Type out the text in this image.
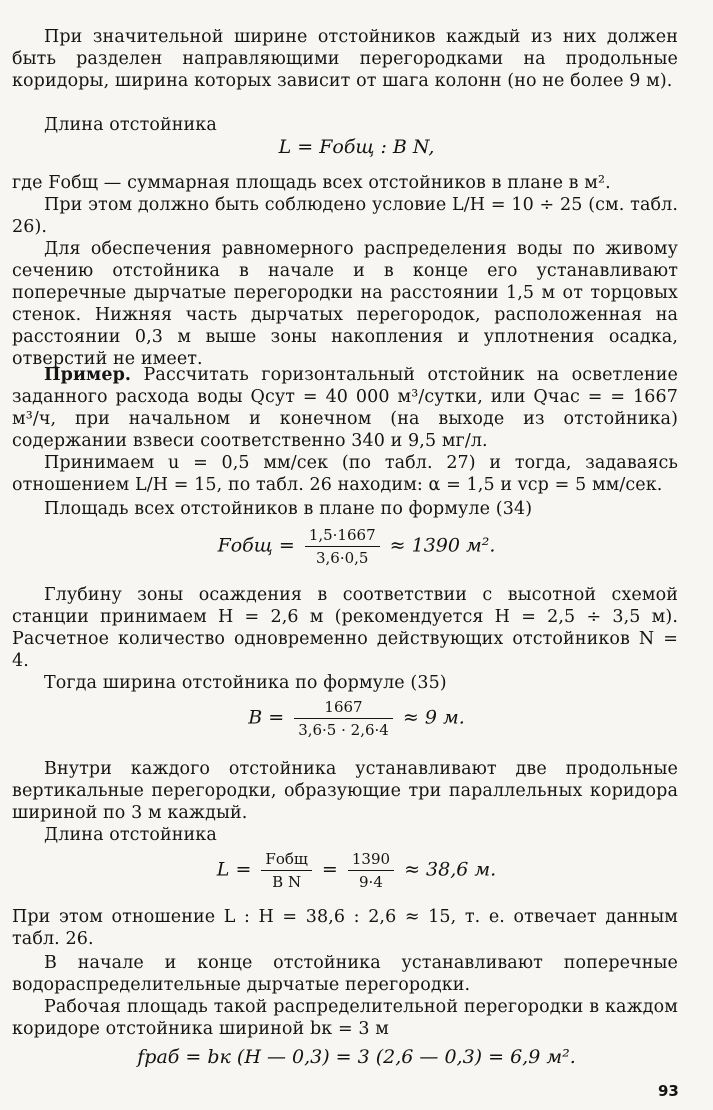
При значительной ширине отстойников каждый из них должен быть разделен направляющими перегородками на продольные коридоры, ширина которых зависит от шага колонн (но не более 9 м).
Длина отстойника
L = Fобщ : B N,
где Fобщ — суммарная площадь всех отстойников в плане в м².
При этом должно быть соблюдено условие L/H = 10 ÷ 25 (см. табл. 26).
Для обеспечения равномерного распределения воды по живому сечению отстойника в начале и в конце его устанавливают поперечные дырчатые перегородки на расстоянии 1,5 м от торцовых стенок. Нижняя часть дырчатых перегородок, расположенная на расстоянии 0,3 м выше зоны накопления и уплотнения осадка, отверстий не имеет.
Пример. Рассчитать горизонтальный отстойник на осветление заданного расхода воды Qсут = 40 000 м³/сутки, или Qчас = = 1667 м³/ч, при начальном и конечном (на выходе из отстойника) содержании взвеси соответственно 340 и 9,5 мг/л.
Принимаем u = 0,5 мм/сек (по табл. 27) и тогда, задаваясь отношением L/H = 15, по табл. 26 находим: α = 1,5 и vср = 5 мм/сек.
Площадь всех отстойников в плане по формуле (34)
Fобщ = $\frac{1,5\cdot 1667}{3,6\cdot 0,5} \approx 1390$ м².
Глубину зоны осаждения в соответствии с высотной схемой станции принимаем H = 2,6 м (рекомендуется H = 2,5 ÷ 3,5 м). Расчетное количество одновременно действующих отстойников N = 4.
Тогда ширина отстойника по формуле (35)
$B = \frac{1667}{3,6\cdot 5 \cdot 2,6\cdot 4} \approx 9$ м.
Внутри каждого отстойника устанавливают две продольные вертикальные перегородки, образующие три параллельных коридора шириной по 3 м каждый.
Длина отстойника
$L = \frac{\text{Fобщ}}{\text{B N}} = \frac{1390}{9\cdot 4} \approx 38,6$ м.
При этом отношение L : H = 38,6 : 2,6 ≈ 15, т. е. отвечает данным табл. 26.
В начале и конце отстойника устанавливают поперечные водораспределительные дырчатые перегородки.
Рабочая площадь такой распределительной перегородки в каждом коридоре отстойника шириной bк = 3 м
fраб = bк (H — 0,3) = 3 (2,6 — 0,3) = 6,9 м².
93
